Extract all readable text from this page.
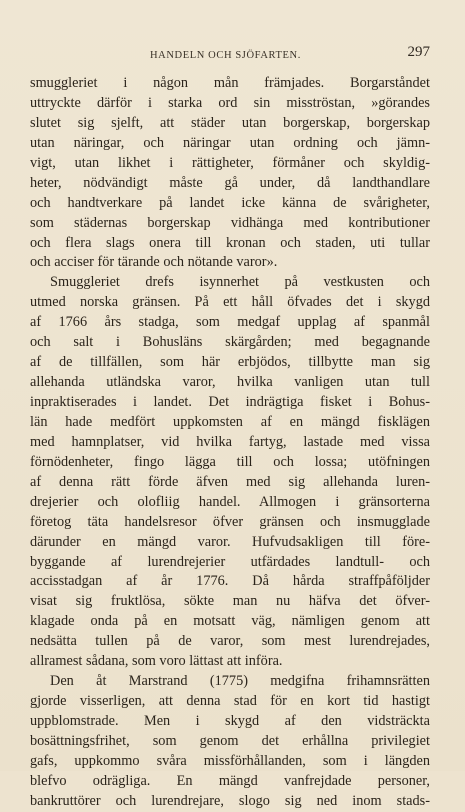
HANDELN OCH SJÖFARTEN.	297
smuggleriet i någon mån främjades. Borgarståndet
uttryckte därför i starka ord sin misströstan, »görandes
slutet sig sjelft, att städer utan borgerskap, borgerskap
utan näringar, och näringar utan ordning och jämn-
vigt, utan likhet i rättigheter, förmåner och skyldig-
heter, nödvändigt måste gå under, då landthandlare
och handtverkare på landet icke känna de svårigheter,
som städernas borgerskap vidhänga med kontributioner
och flera slags onera till kronan och staden, uti tullar
och acciser för tärande och nötande varor».
Smuggleriet drefs isynnerhet på vestkusten och
utmed norska gränsen. På ett håll öfvades det i skygd
af 1766 års stadga, som medgaf upplag af spanmål
och salt i Bohusläns skärgården; med begagnande
af de tillfällen, som här erbjödos, tillbytte man sig
allehanda utländska varor, hvilka vanligen utan tull
inpraktiserades i landet. Det indrägtiga fisket i Bohus-
län hade medfört uppkomsten af en mängd fisklägen
med hamnplatser, vid hvilka fartyg, lastade med vissa
förnödenheter, fingo lägga till och lossa; utöfningen
af denna rätt förde äfven med sig allehanda luren-
drejerier och olofliig handel. Allmogen i gränsorterna
företog täta handelsresor öfver gränsen och insmugglade
därunder en mängd varor. Hufvudsakligen till före-
byggande af lurendrejerier utfärdades landtull- och
accisstadgan af år 1776. Då hårda straffpåföljder
visat sig fruktlösa, sökte man nu häfva det öfver-
klagade onda på en motsatt väg, nämligen genom att
nedsätta tullen på de varor, som mest lurendrejades,
allramest sådana, som voro lättast att införa.
Den åt Marstrand (1775) medgifna frihamnsrätten
gjorde visserligen, att denna stad för en kort tid hastigt
uppblomstrade. Men i skygd af den vidsträckta
bosättningsfrihet, som genom det erhållna privilegiet
gafs, uppkommo svåra missförhållanden, som i längden
blefvo odrägliga. En mängd vanfrejdade personer,
bankruttörer och lurendrejare, slogo sig ned inom stads-
